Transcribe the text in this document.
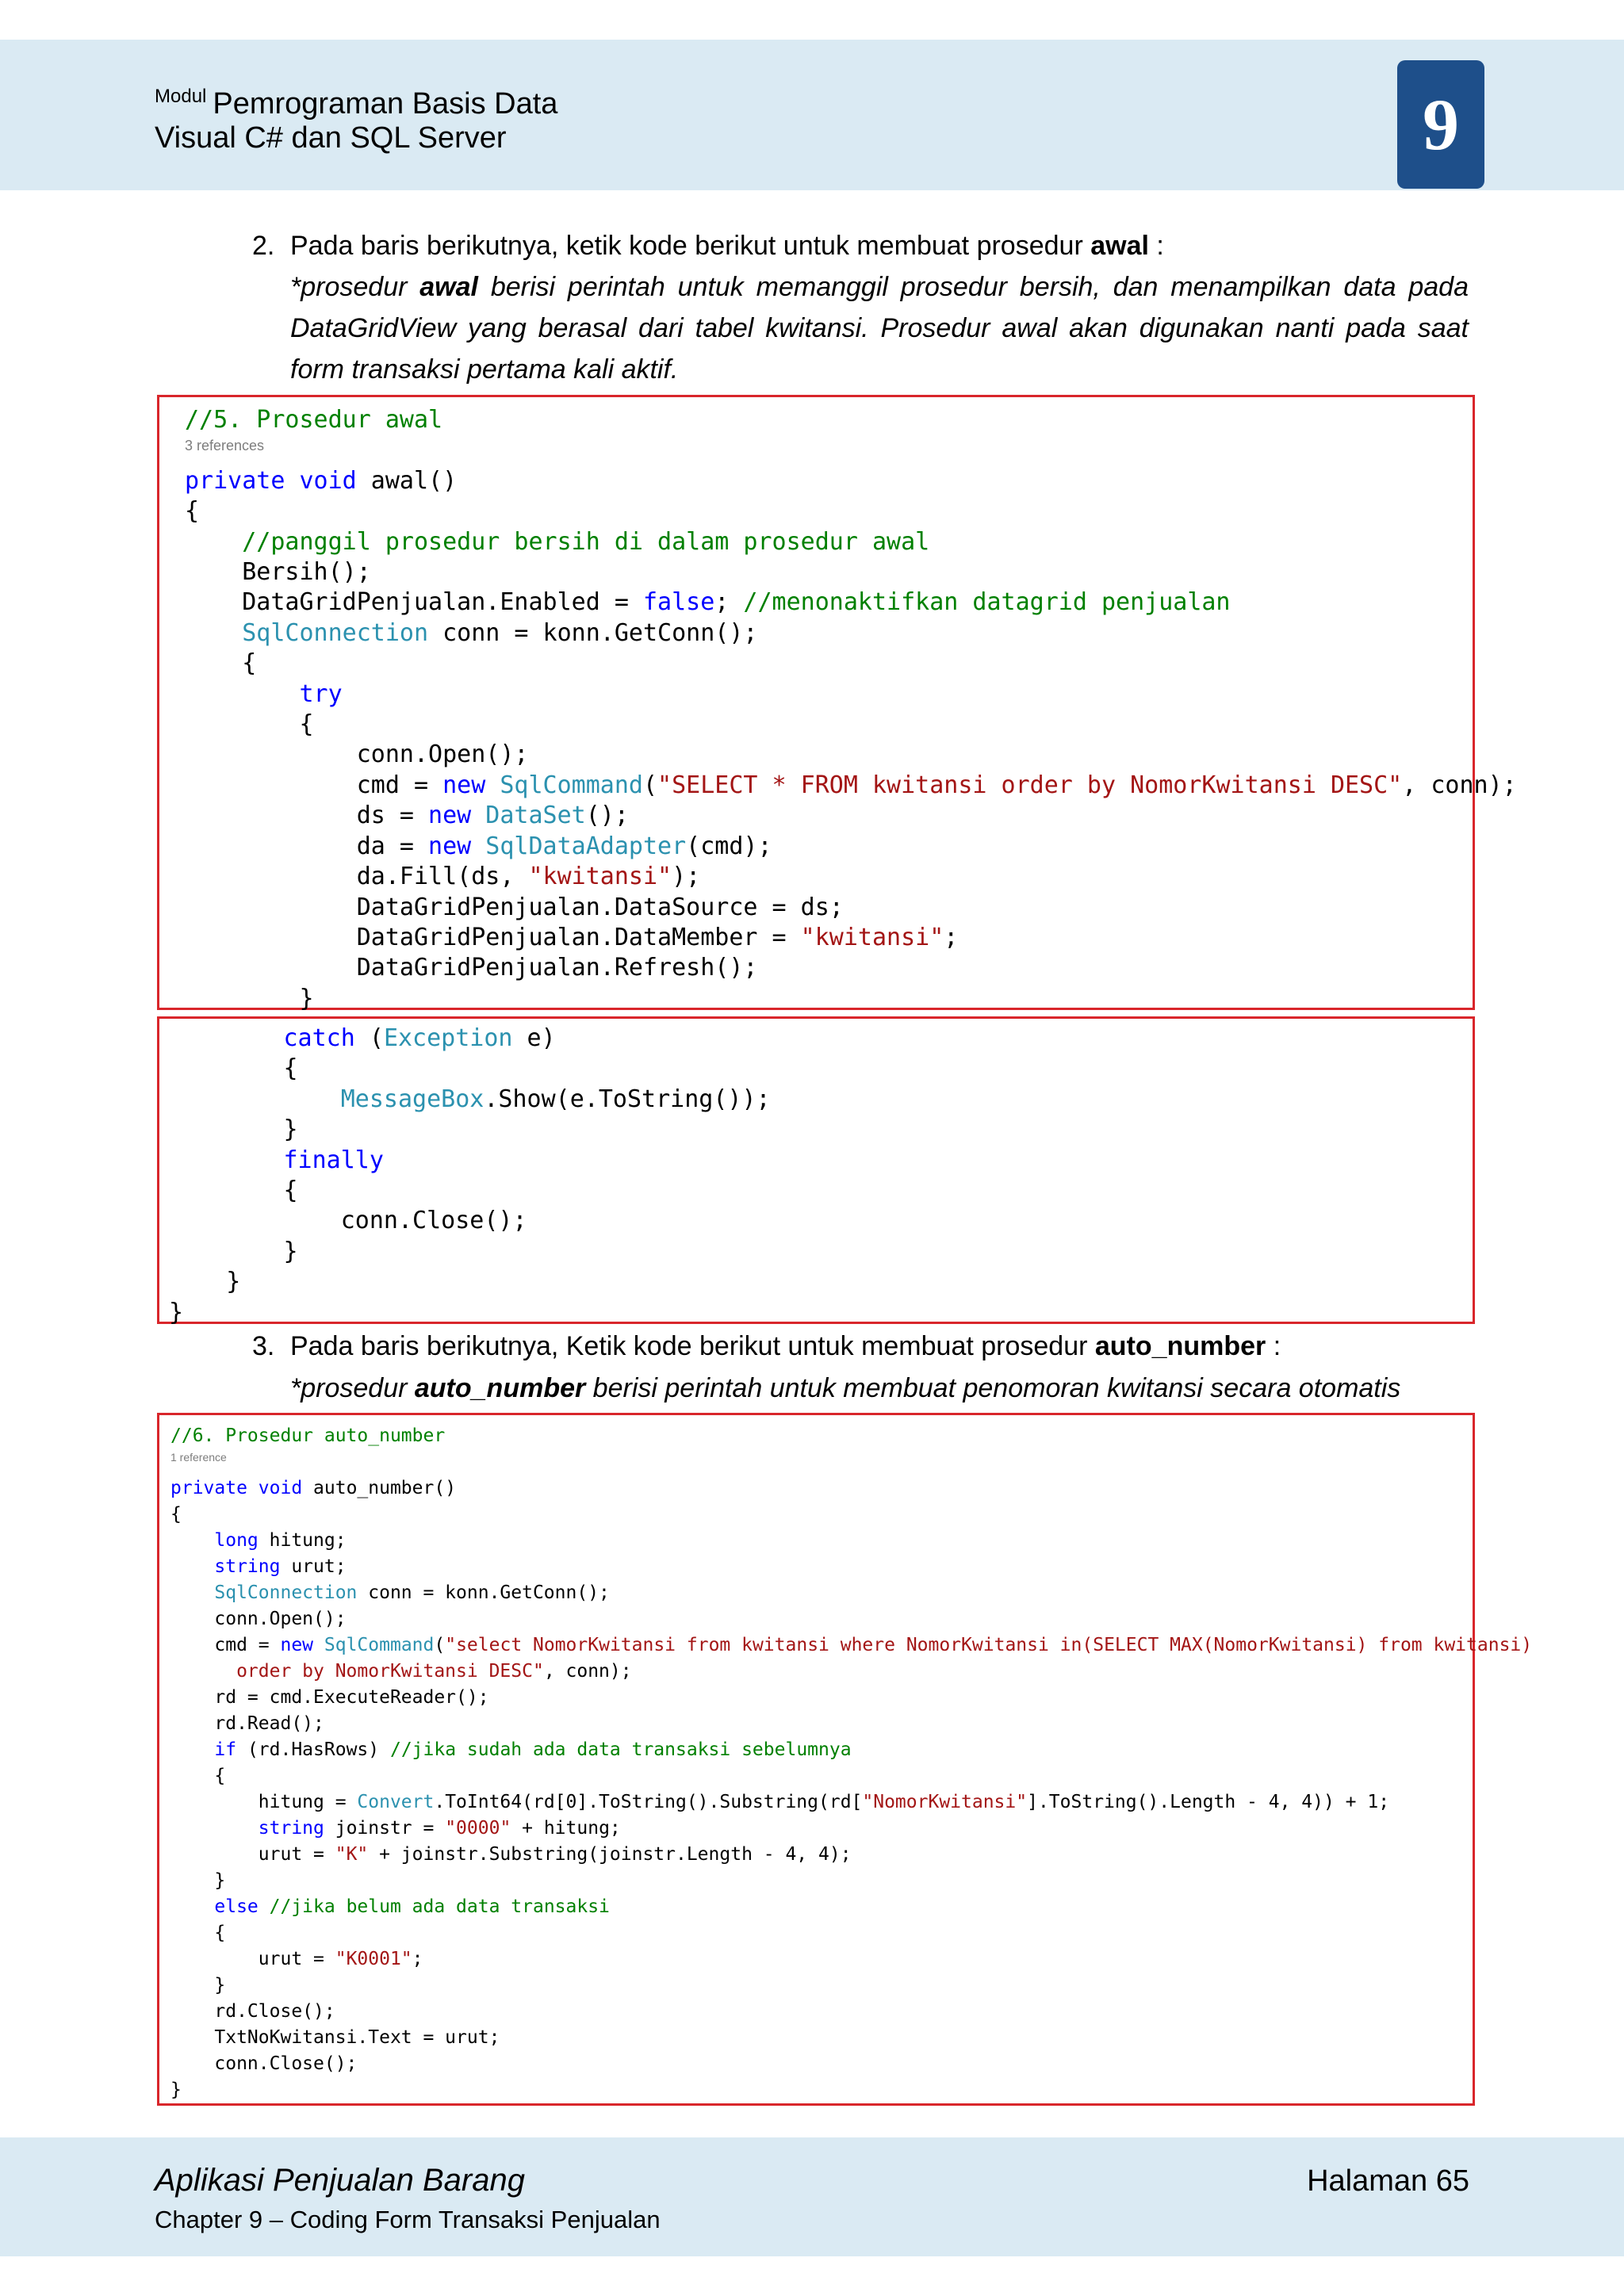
$^{Modul}$ Pemrograman Basis Data
Visual C# dan SQL Server	9
2. Pada baris berikutnya, ketik kode berikut untuk membuat prosedur awal :
*prosedur awal berisi perintah untuk memanggil prosedur bersih, dan menampilkan data pada
DataGridView yang berasal dari tabel kwitansi. Prosedur awal akan digunakan nanti pada saat
form transaksi pertama kali aktif.
//5. Prosedur awal
3 references
private void awal()
{
//panggil prosedur bersih di dalam prosedur awal
Bersih();
DataGridPenjualan.Enabled = false; //menonaktifkan datagrid penjualan
SqlConnection conn = konn.GetConn();
{
try
{
conn.Open();
cmd = new SqlCommand("SELECT * FROM kwitansi order by NomorKwitansi DESC", conn);
ds = new DataSet();
da = new SqlDataAdapter(cmd);
da.Fill(ds, "kwitansi");
DataGridPenjualan.DataSource = ds;
DataGridPenjualan.DataMember = "kwitansi";
DataGridPenjualan.Refresh();
}
catch (Exception e)
{
MessageBox.Show(e.ToString());
}
finally
{
conn.Close();
}
}
}
3. Pada baris berikutnya, Ketik kode berikut untuk membuat prosedur auto_number :
*prosedur auto_number berisi perintah untuk membuat penomoran kwitansi secara otomatis
//6. Prosedur auto_number
1 reference
private void auto_number()
{
long hitung;
string urut;
SqlConnection conn = konn.GetConn();
conn.Open();
cmd = new SqlCommand("select NomorKwitansi from kwitansi where NomorKwitansi in(SELECT MAX(NomorKwitansi) from kwitansi)
order by NomorKwitansi DESC", conn);
rd = cmd.ExecuteReader();
rd.Read();
if (rd.HasRows) //jika sudah ada data transaksi sebelumnya
{
hitung = Convert.ToInt64(rd[0].ToString().Substring(rd["NomorKwitansi"].ToString().Length - 4, 4)) + 1;
string joinstr = "0000" + hitung;
urut = "K" + joinstr.Substring(joinstr.Length - 4, 4);
}
else //jika belum ada data transaksi
{
urut = "K0001";
}
rd.Close();
TxtNoKwitansi.Text = urut;
conn.Close();
}
Aplikasi Penjualan Barang
Chapter 9 – Coding Form Transaksi Penjualan
Halaman 65
